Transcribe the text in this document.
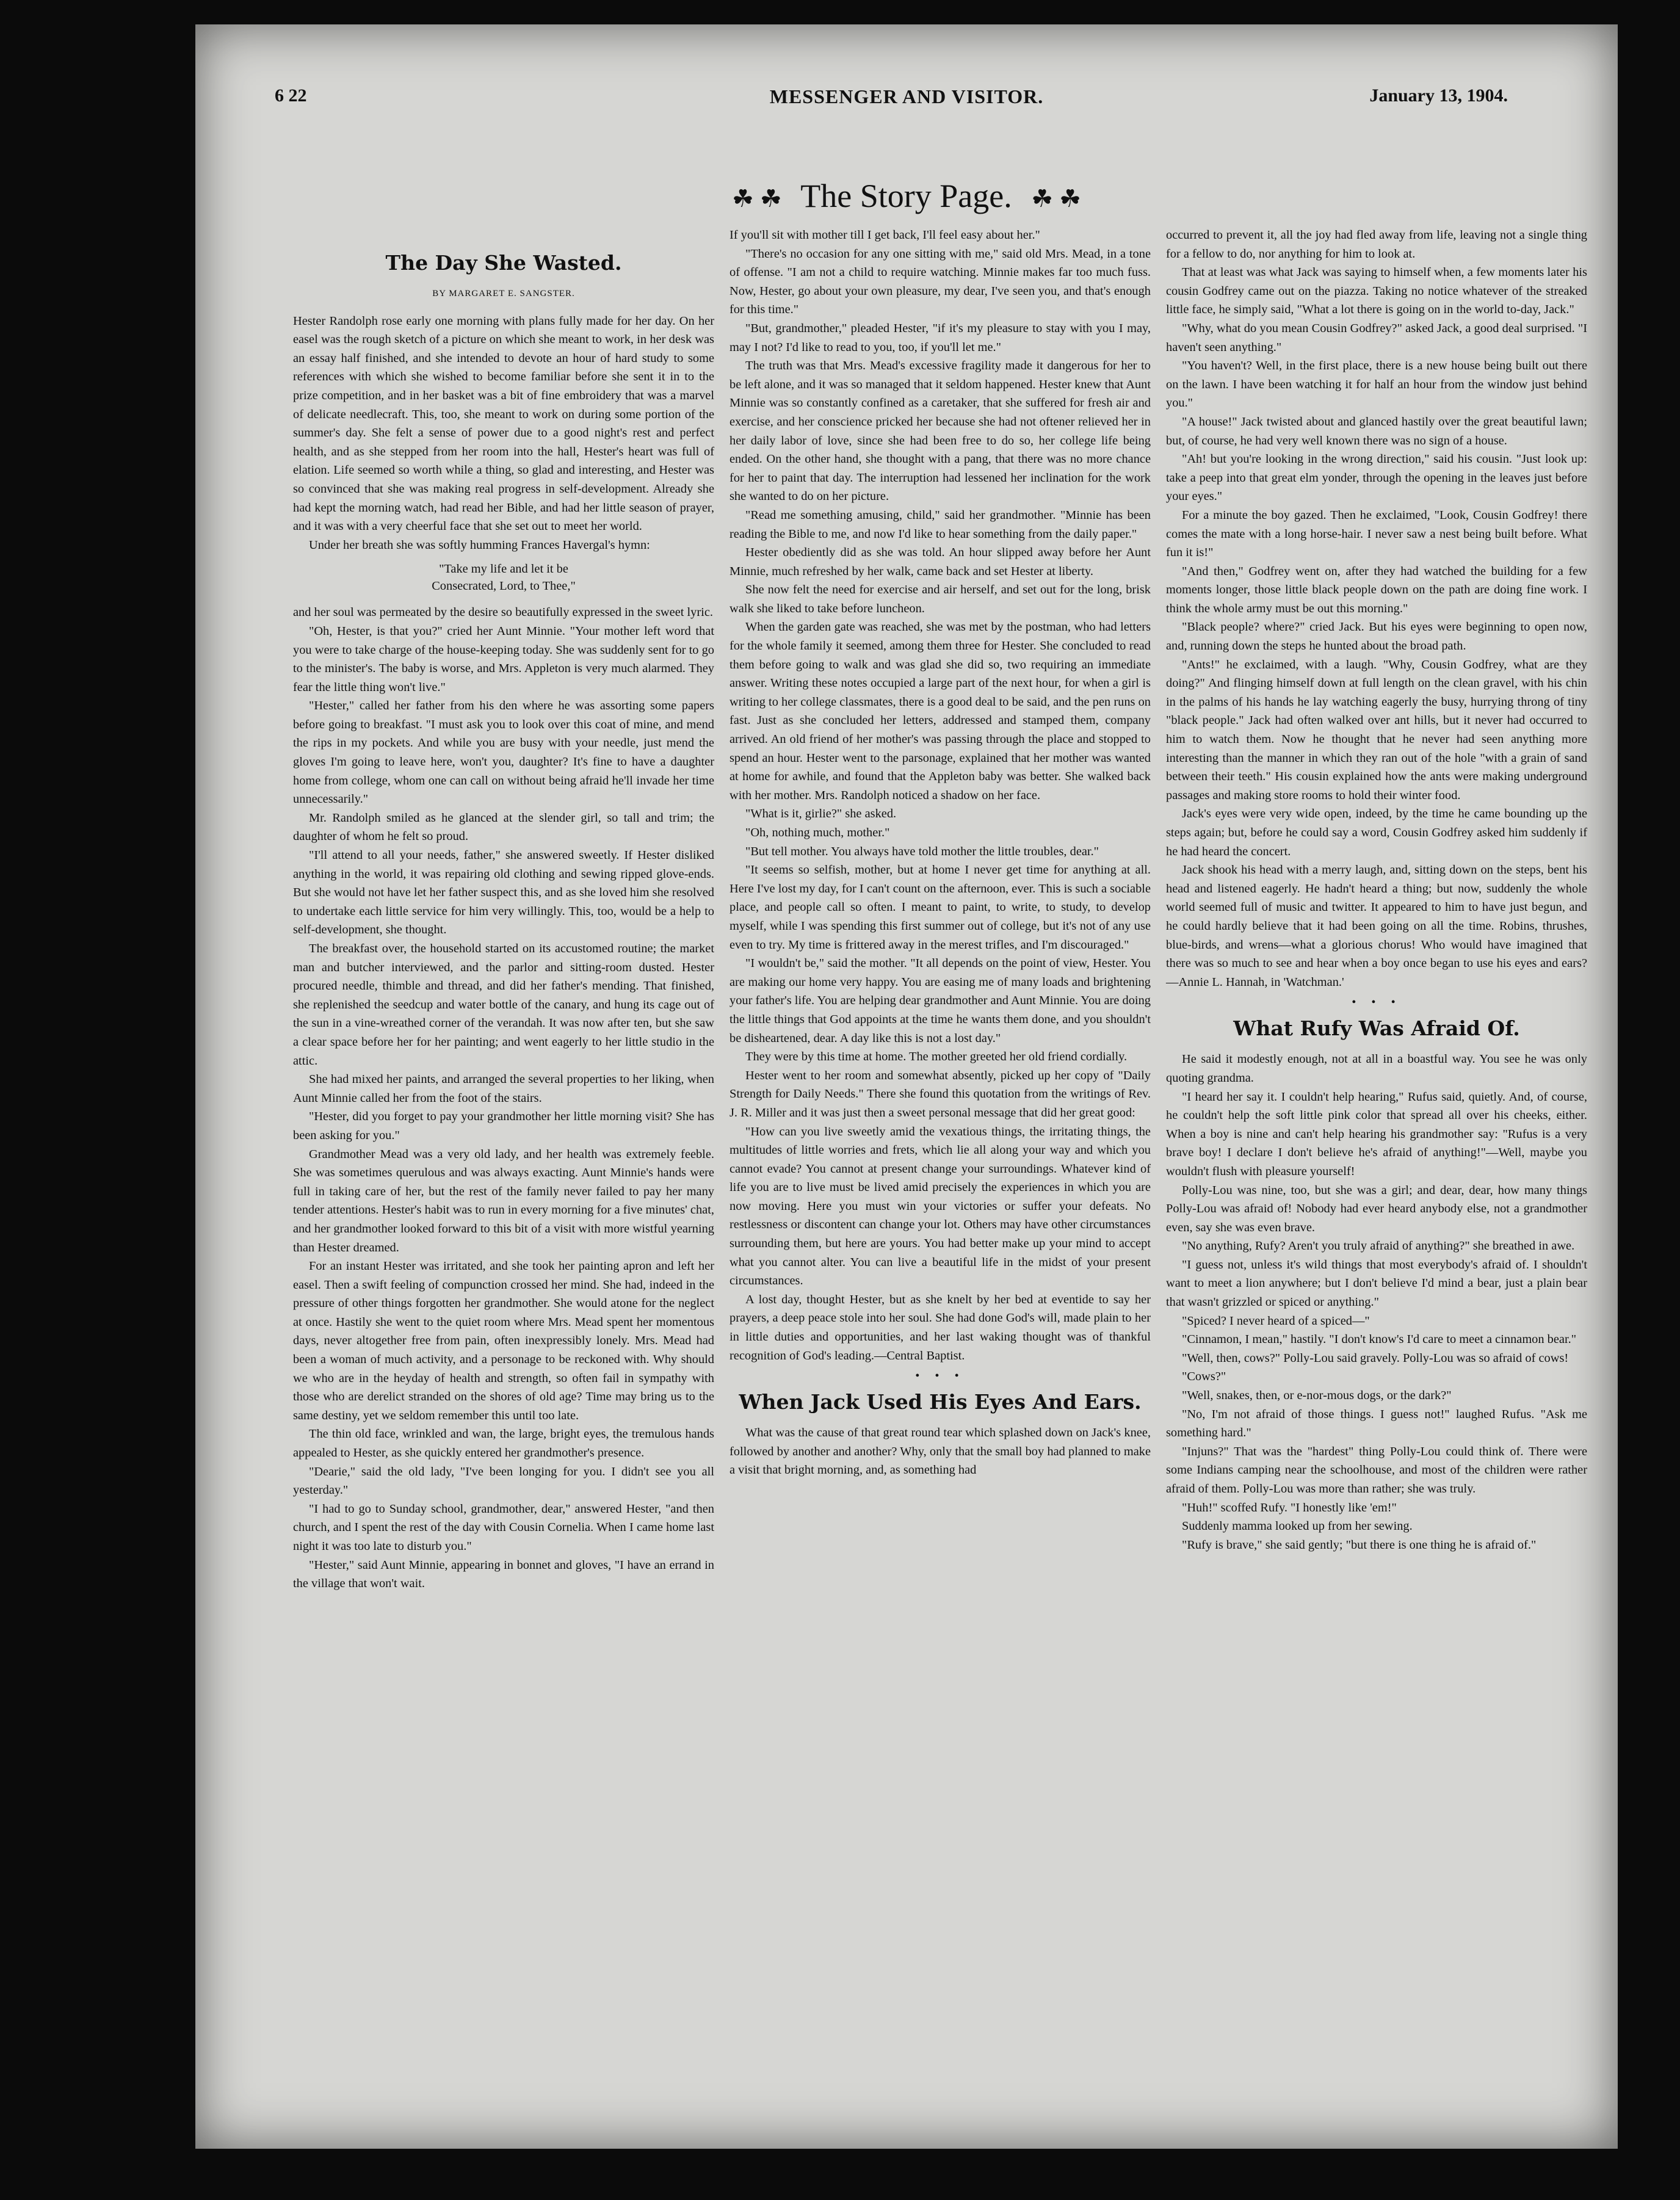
6 22	MESSENGER AND VISITOR.	January 13, 1904.
☘ ☘ The Story Page. ☘ ☘
The Day She Wasted.
BY MARGARET E. SANGSTER.

Hester Randolph rose early one morning with plans fully made for her day. On her easel was the rough sketch of a picture on which she meant to work, in her desk was an essay half finished, and she intended to devote an hour of hard study to some references with which she wished to become familiar before she sent it in to the prize competition, and in her basket was a bit of fine embroidery that was a marvel of delicate needlecraft. This, too, she meant to work on during some portion of the summer's day. She felt a sense of power due to a good night's rest and perfect health, and as she stepped from her room into the hall, Hester's heart was full of elation. Life seemed so worth while a thing, so glad and interesting, and Hester was so convinced that she was making real progress in self-development. Already she had kept the morning watch, had read her Bible, and had her little season of prayer, and it was with a very cheerful face that she set out to meet her world.

Under her breath she was softly humming Frances Havergal's hymn:

"Take my life and let it be
Consecrated, Lord, to Thee,"

and her soul was permeated by the desire so beautifully expressed in the sweet lyric.

"Oh, Hester, is that you?" cried her Aunt Minnie. "Your mother left word that you were to take charge of the house-keeping today. She was suddenly sent for to go to the minister's. The baby is worse, and Mrs. Appleton is very much alarmed. They fear the little thing won't live."

"Hester," called her father from his den where he was assorting some papers before going to breakfast. "I must ask you to look over this coat of mine, and mend the rips in my pockets. And while you are busy with your needle, just mend the gloves I'm going to leave here, won't you, daughter? It's fine to have a daughter home from college, whom one can call on without being afraid he'll invade her time unnecessarily."

Mr. Randolph smiled as he glanced at the slender girl, so tall and trim; the daughter of whom he felt so proud.

"I'll attend to all your needs, father," she answered sweetly. If Hester disliked anything in the world, it was repairing old clothing and sewing ripped glove-ends. But she would not have let her father suspect this, and as she loved him she resolved to undertake each little service for him very willingly. This, too, would be a help to self-development, she thought.

The breakfast over, the household started on its accustomed routine; the market man and butcher interviewed, and the parlor and sitting-room dusted. Hester procured needle, thimble and thread, and did her father's mending. That finished, she replenished the seedcup and water bottle of the canary, and hung its cage out of the sun in a vine-wreathed corner of the verandah. It was now after ten, but she saw a clear space before her for her painting; and went eagerly to her little studio in the attic.

She had mixed her paints, and arranged the several properties to her liking, when Aunt Minnie called her from the foot of the stairs.

"Hester, did you forget to pay your grandmother her little morning visit? She has been asking for you."

Grandmother Mead was a very old lady, and her health was extremely feeble. She was sometimes querulous and was always exacting. Aunt Minnie's hands were full in taking care of her, but the rest of the family never failed to pay her many tender attentions. Hester's habit was to run in every morning for a five minutes' chat, and her grandmother looked forward to this bit of a visit with more wistful yearning than Hester dreamed.

For an instant Hester was irritated, and she took her painting apron and left her easel. Then a swift feeling of compunction crossed her mind. She had, indeed in the pressure of other things forgotten her grandmother. She would atone for the neglect at once. Hastily she went to the quiet room where Mrs. Mead spent her momentous days, never altogether free from pain, often inexpressibly lonely. Mrs. Mead had been a woman of much activity, and a personage to be reckoned with. Why should we who are in the heyday of health and strength, so often fail in sympathy with those who are derelict stranded on the shores of old age? Time may bring us to the same destiny, yet we seldom remember this until too late.

The thin old face, wrinkled and wan, the large, bright eyes, the tremulous hands appealed to Hester, as she quickly entered her grandmother's presence.

"Dearie," said the old lady, "I've been longing for you. I didn't see you all yesterday."

"I had to go to Sunday school, grandmother, dear," answered Hester, "and then church, and I spent the rest of the day with Cousin Cornelia. When I came home last night it was too late to disturb you."

"Hester," said Aunt Minnie, appearing in bonnet and gloves, "I have an errand in the village that won't wait.

If you'll sit with mother till I get back, I'll feel easy about her."

"There's no occasion for any one sitting with me," said old Mrs. Mead, in a tone of offense. "I am not a child to require watching. Minnie makes far too much fuss. Now, Hester, go about your own pleasure, my dear, I've seen you, and that's enough for this time."

"But, grandmother," pleaded Hester, "if it's my pleasure to stay with you I may, may I not? I'd like to read to you, too, if you'll let me."

The truth was that Mrs. Mead's excessive fragility made it dangerous for her to be left alone, and it was so managed that it seldom happened. Hester knew that Aunt Minnie was so constantly confined as a caretaker, that she suffered for fresh air and exercise, and her conscience pricked her because she had not oftener relieved her in her daily labor of love, since she had been free to do so, her college life being ended. On the other hand, she thought with a pang, that there was no more chance for her to paint that day. The interruption had lessened her inclination for the work she wanted to do on her picture.

"Read me something amusing, child," said her grandmother. "Minnie has been reading the Bible to me, and now I'd like to hear something from the daily paper."

Hester obediently did as she was told. An hour slipped away before her Aunt Minnie, much refreshed by her walk, came back and set Hester at liberty.

She now felt the need for exercise and air herself, and set out for the long, brisk walk she liked to take before luncheon.

When the garden gate was reached, she was met by the postman, who had letters for the whole family it seemed, among them three for Hester. She concluded to read them before going to walk and was glad she did so, two requiring an immediate answer. Writing these notes occupied a large part of the next hour, for when a girl is writing to her college classmates, there is a good deal to be said, and the pen runs on fast. Just as she concluded her letters, addressed and stamped them, company arrived. An old friend of her mother's was passing through the place and stopped to spend an hour. Hester went to the parsonage, explained that her mother was wanted at home for awhile, and found that the Appleton baby was better. She walked back with her mother. Mrs. Randolph noticed a shadow on her face.

"What is it, girlie?" she asked.

"Oh, nothing much, mother."

"But tell mother. You always have told mother the little troubles, dear."

"It seems so selfish, mother, but at home I never get time for anything at all. Here I've lost my day, for I can't count on the afternoon, ever. This is such a sociable place, and people call so often. I meant to paint, to write, to study, to develop myself, while I was spending this first summer out of college, but it's not of any use even to try. My time is frittered away in the merest trifles, and I'm discouraged."

"I wouldn't be," said the mother. "It all depends on the point of view, Hester. You are making our home very happy. You are easing me of many loads and brightening your father's life. You are helping dear grandmother and Aunt Minnie. You are doing the little things that God appoints at the time he wants them done, and you shouldn't be disheartened, dear. A day like this is not a lost day."

They were by this time at home. The mother greeted her old friend cordially.

Hester went to her room and somewhat absently, picked up her copy of "Daily Strength for Daily Needs." There she found this quotation from the writings of Rev. J. R. Miller and it was just then a sweet personal message that did her great good:

"How can you live sweetly amid the vexatious things, the irritating things, the multitudes of little worries and frets, which lie all along your way and which you cannot evade? You cannot at present change your surroundings. Whatever kind of life you are to live must be lived amid precisely the experiences in which you are now moving. Here you must win your victories or suffer your defeats. No restlessness or discontent can change your lot. Others may have other circumstances surrounding them, but here are yours. You had better make up your mind to accept what you cannot alter. You can live a beautiful life in the midst of your present circumstances.

A lost day, thought Hester, but as she knelt by her bed at eventide to say her prayers, a deep peace stole into her soul. She had done God's will, made plain to her in little duties and opportunities, and her last waking thought was of thankful recognition of God's leading.—Central Baptist.

• • •
When Jack Used His Eyes And Ears.

What was the cause of that great round tear which splashed down on Jack's knee, followed by another and another? Why, only that the small boy had planned to make a visit that bright morning, and, as something had

occurred to prevent it, all the joy had fled away from life, leaving not a single thing for a fellow to do, nor anything for him to look at.

That at least was what Jack was saying to himself when, a few moments later his cousin Godfrey came out on the piazza. Taking no notice whatever of the streaked little face, he simply said, "What a lot there is going on in the world to-day, Jack."

"Why, what do you mean Cousin Godfrey?" asked Jack, a good deal surprised. "I haven't seen anything."

"You haven't? Well, in the first place, there is a new house being built out there on the lawn. I have been watching it for half an hour from the window just behind you."

"A house!" Jack twisted about and glanced hastily over the great beautiful lawn; but, of course, he had very well known there was no sign of a house.

"Ah! but you're looking in the wrong direction," said his cousin. "Just look up: take a peep into that great elm yonder, through the opening in the leaves just before your eyes."

For a minute the boy gazed. Then he exclaimed, "Look, Cousin Godfrey! there comes the mate with a long horse-hair. I never saw a nest being built before. What fun it is!"

"And then," Godfrey went on, after they had watched the building for a few moments longer, those little black people down on the path are doing fine work. I think the whole army must be out this morning."

"Black people? where?" cried Jack. But his eyes were beginning to open now, and, running down the steps he hunted about the broad path.

"Ants!" he exclaimed, with a laugh. "Why, Cousin Godfrey, what are they doing?" And flinging himself down at full length on the clean gravel, with his chin in the palms of his hands he lay watching eagerly the busy, hurrying throng of tiny "black people." Jack had often walked over ant hills, but it never had occurred to him to watch them. Now he thought that he never had seen anything more interesting than the manner in which they ran out of the hole "with a grain of sand between their teeth." His cousin explained how the ants were making underground passages and making store rooms to hold their winter food.

Jack's eyes were very wide open, indeed, by the time he came bounding up the steps again; but, before he could say a word, Cousin Godfrey asked him suddenly if he had heard the concert.

Jack shook his head with a merry laugh, and, sitting down on the steps, bent his head and listened eagerly. He hadn't heard a thing; but now, suddenly the whole world seemed full of music and twitter. It appeared to him to have just begun, and he could hardly believe that it had been going on all the time. Robins, thrushes, blue-birds, and wrens—what a glorious chorus! Who would have imagined that there was so much to see and hear when a boy once began to use his eyes and ears?—Annie L. Hannah, in 'Watchman.'

• • •
What Rufy Was Afraid Of.

He said it modestly enough, not at all in a boastful way. You see he was only quoting grandma.

"I heard her say it. I couldn't help hearing," Rufus said, quietly. And, of course, he couldn't help the soft little pink color that spread all over his cheeks, either. When a boy is nine and can't help hearing his grandmother say: "Rufus is a very brave boy! I declare I don't believe he's afraid of anything!"—Well, maybe you wouldn't flush with pleasure yourself!

Polly-Lou was nine, too, but she was a girl; and dear, dear, how many things Polly-Lou was afraid of! Nobody had ever heard anybody else, not a grandmother even, say she was even brave.

"No anything, Rufy? Aren't you truly afraid of anything?" she breathed in awe.

"I guess not, unless it's wild things that most everybody's afraid of. I shouldn't want to meet a lion anywhere; but I don't believe I'd mind a bear, just a plain bear that wasn't grizzled or spiced or anything."

"Spiced? I never heard of a spiced—"

"Cinnamon, I mean," hastily. "I don't know's I'd care to meet a cinnamon bear."

"Well, then, cows?" Polly-Lou said gravely. Polly-Lou was so afraid of cows!

"Cows?"

"Well, snakes, then, or e-nor-mous dogs, or the dark?"

"No, I'm not afraid of those things. I guess not!" laughed Rufus. "Ask me something hard."

"Injuns?" That was the "hardest" thing Polly-Lou could think of. There were some Indians camping near the schoolhouse, and most of the children were rather afraid of them. Polly-Lou was more than rather; she was truly.

"Huh!" scoffed Rufy. "I honestly like 'em!"

Suddenly mamma looked up from her sewing.

"Rufy is brave," she said gently; "but there is one thing he is afraid of."
